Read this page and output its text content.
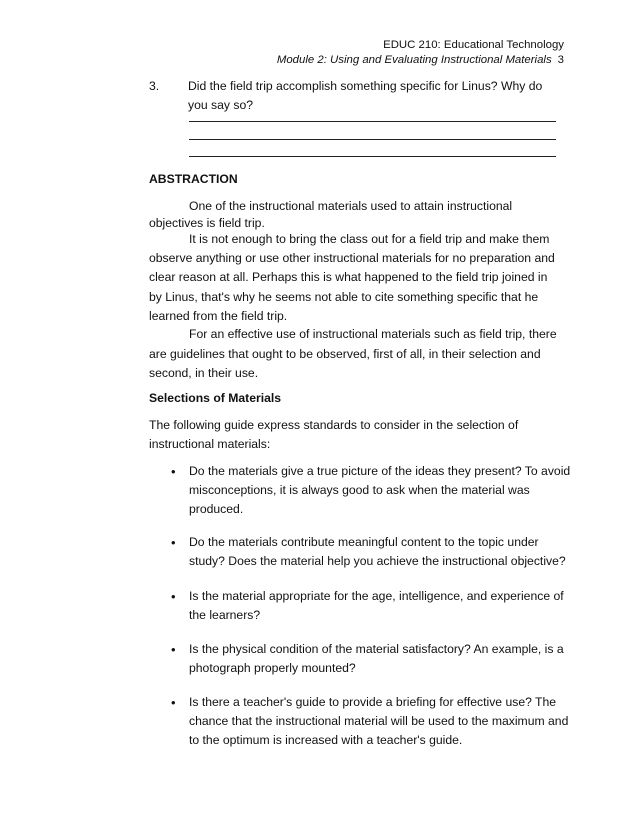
EDUC 210: Educational Technology
Module 2: Using and Evaluating Instructional Materials 3
3. Did the field trip accomplish something specific for Linus? Why do you say so?
ABSTRACTION
One of the instructional materials used to attain instructional objectives is field trip.
It is not enough to bring the class out for a field trip and make them observe anything or use other instructional materials for no preparation and clear reason at all. Perhaps this is what happened to the field trip joined in by Linus, that's why he seems not able to cite something specific that he learned from the field trip.
For an effective use of instructional materials such as field trip, there are guidelines that ought to be observed, first of all, in their selection and second, in their use.
Selections of Materials
The following guide express standards to consider in the selection of instructional materials:
• Do the materials give a true picture of the ideas they present? To avoid misconceptions, it is always good to ask when the material was produced.
• Do the materials contribute meaningful content to the topic under study? Does the material help you achieve the instructional objective?
• Is the material appropriate for the age, intelligence, and experience of the learners?
• Is the physical condition of the material satisfactory? An example, is a photograph properly mounted?
• Is there a teacher's guide to provide a briefing for effective use? The chance that the instructional material will be used to the maximum and to the optimum is increased with a teacher's guide.
